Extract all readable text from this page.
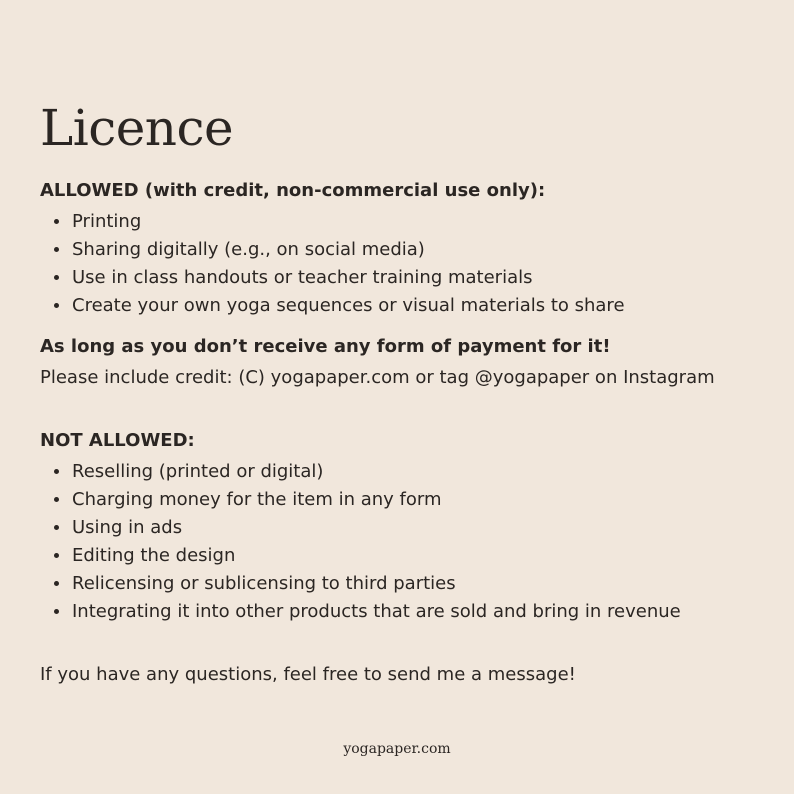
Licence

ALLOWED (with credit, non-commercial use only):

Printing
Sharing digitally (e.g., on social media)
Use in class handouts or teacher training materials
Create your own yoga sequences or visual materials to share

As long as you don’t receive any form of payment for it!

Please include credit: (C) yogapaper.com or tag @yogapaper on Instagram

NOT ALLOWED:

Reselling (printed or digital)
Charging money for the item in any form
Using in ads
Editing the design
Relicensing or sublicensing to third parties
Integrating it into other products that are sold and bring in revenue

If you have any questions, feel free to send me a message!

yogapaper.com
